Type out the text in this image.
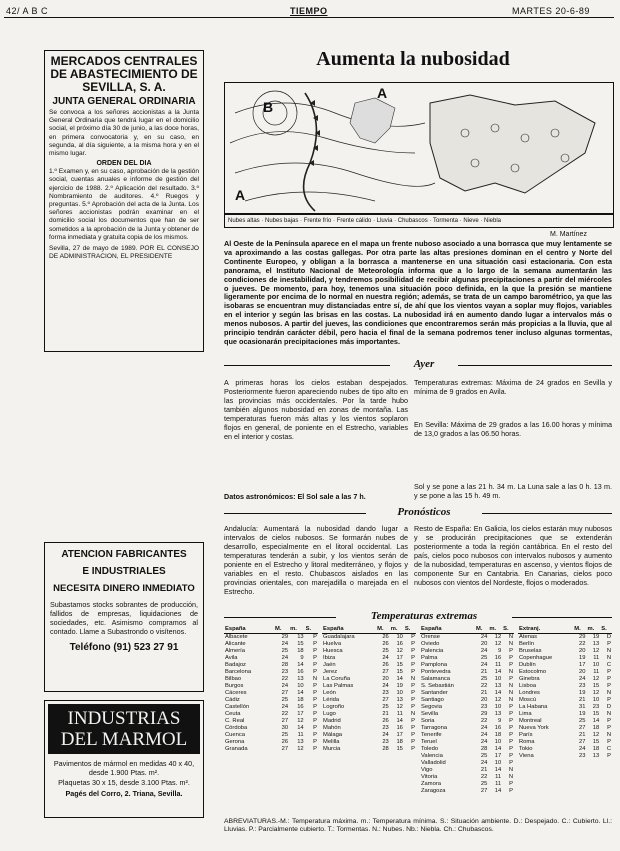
42/ A B C	TIEMPO	MARTES 20-6-89
MERCADOS CENTRALES DE ABASTECIMIENTO DE SEVILLA, S. A.
JUNTA GENERAL ORDINARIA
Se convoca a los señores accionistas a la Junta General Ordinaria que tendrá lugar en el domicilio social, el próximo día 30 de junio, a las doce horas, en primera convocatoria y, en su caso, en segunda, al día siguiente, a la misma hora y en el mismo lugar.
ORDEN DEL DIA
1.º Examen y, en su caso, aprobación de la gestión social, cuentas anuales e informe de gestión del ejercicio de 1988. 2.º Aplicación del resultado. 3.º Nombramiento de auditores. 4.º Ruegos y preguntas. 5.º Aprobación del acta de la Junta. Los señores accionistas podrán examinar en el domicilio social los documentos que han de ser sometidos a la aprobación de la Junta y obtener de forma inmediata y gratuita copia de los mismos.
Sevilla, 27 de mayo de 1989. POR EL CONSEJO DE ADMINISTRACION, EL PRESIDENTE
ATENCION FABRICANTES
E INDUSTRIALES
NECESITA DINERO INMEDIATO
Subastamos stocks sobrantes de producción, fallidos de empresas, liquidaciones de sociedades, etc. Asimismo compramos al contado. Llame a Subastrondo o visítenos.
Teléfono (91) 523 27 91
INDUSTRIAS
DEL MARMOL
Pavimentos de mármol en medidas 40 x 40, desde 1.900 Ptas. m².
Plaquetas 30 x 15, desde 3.100 Ptas. m².
Pagés del Corro, 2. Triana, Sevilla.
Aumenta la nubosidad
B
A
A
Nubes altas · Nubes bajas · Frente frío · Frente cálido · Lluvia · Chubascos · Tormenta · Nieve · Niebla
M. Martínez
Al Oeste de la Península aparece en el mapa un frente nuboso asociado a una borrasca que muy lentamente se va aproximando a las costas gallegas. Por otra parte las altas presiones dominan en el centro y Norte del Continente Europeo, y obligan a la borrasca a mantenerse en una situación casi estacionaria. Con esta panorama, el Instituto Nacional de Meteorología informa que a lo largo de la semana aumentarán las condiciones de inestabilidad, y tendremos posibilidad de recibir algunas precipitaciones a partir del miércoles o jueves. De momento, para hoy, tenemos una situación poco definida, en la que la presión se mantiene ligeramente por encima de lo normal en nuestra región; además, se trata de un campo barométrico, ya que las isobaras se encuentran muy distanciadas entre sí, de ahí que los vientos vayan a soplar muy flojos, variables en el interior y según las brisas en las costas. La nubosidad irá en aumento dando lugar a intervalos más o menos nubosos. A partir del jueves, las condiciones que encontraremos serán más propicias a la lluvia, que al principio tendrán carácter débil, pero hacia el final de la semana podremos tener incluso algunas tormentas, que ocasionarán precipitaciones más importantes.
Ayer
A primeras horas los cielos estaban despejados. Posteriormente fueron apareciendo nubes de tipo alto en las provincias más occidentales. Por la tarde hubo también algunos nubosidad en zonas de montaña. Las temperaturas fueron más altas y los vientos soplaron flojos en general, de poniente en el Estrecho, variables en el interior y costas.
Datos astronómicos: El Sol sale a las 7 h.
Temperaturas extremas: Máxima de 24 grados en Sevilla y mínima de 9 grados en Avila.
En Sevilla: Máxima de 29 grados a las 16.00 horas y mínima de 13,0 grados a las 06.50 horas.
Sol y se pone a las 21 h. 34 m. La Luna sale a las 0 h. 13 m. y se pone a las 15 h. 49 m.
Pronósticos
Andalucía: Aumentará la nubosidad dando lugar a intervalos de cielos nubosos. Se formarán nubes de desarrollo, especialmente en el litoral occidental. Las temperaturas tenderán a subir, y los vientos serán de poniente en el Estrecho y litoral mediterráneo, y flojos y variables en el resto. Chubascos aislados en las provincias orientales, con marejadilla o marejada en el Estrecho.
Resto de España: En Galicia, los cielos estarán muy nubosos y se producirán precipitaciones que se extenderán posteriormente a toda la región cantábrica. En el resto del país, cielos poco nubosos con intervalos nubosos y aumento de la nubosidad, temperaturas en ascenso, y vientos flojos de componente Sur en Cantabria. En Canarias, cielos poco nubosos con vientos del Nordeste, flojos o moderados.
Temperaturas extremas
España	M.	m.	S.
Albacete	29	13	P
Alicante	24	15	P
Almería	25	18	P
Avila	24	9	P
Badajoz	28	14	P
Barcelona	23	16	P
Bilbao	22	13	N
Burgos	24	10	P
Cáceres	27	14	P
Cádiz	25	18	P
Castellón	24	16	P
Ceuta	22	17	P
C. Real	27	12	P
Córdoba	30	14	P
Cuenca	25	11	P
Gerona	26	13	P
Granada	27	12	P
España	M.	m.	S.
Guadalajara	26	10	P
Huelva	26	16	P
Huesca	25	12	P
Ibiza	24	17	P
Jaén	26	15	P
Jerez	27	15	P
La Coruña	20	14	N
Las Palmas	24	19	P
León	23	10	P
Lérida	27	13	P
Logroño	25	12	P
Lugo	21	11	N
Madrid	26	14	P
Mahón	23	16	P
Málaga	24	17	P
Melilla	23	18	P
Murcia	28	15	P
España	M.	m.	S.
Orense	24	12	N
Oviedo	20	12	N
Palencia	24	9	P
Palma	25	16	P
Pamplona	24	11	P
Pontevedra	21	14	N
Salamanca	25	10	P
S. Sebastián	22	13	N
Santander	21	14	N
Santiago	20	12	N
Segovia	23	10	P
Sevilla	29	13	P
Soria	22	9	P
Tarragona	24	16	P
Tenerife	24	18	P
Teruel	24	10	P
Toledo	28	14	P
Valencia	25	17	P
Valladolid	24	10	P
Vigo	21	14	N
Vitoria	22	11	N
Zamora	25	11	P
Zaragoza	27	14	P
Extranj.	M.	m.	S.
Atenas	29	19	D
Berlín	22	13	P
Bruselas	20	12	N
Copenhague	19	11	N
Dublín	17	10	C
Estocolmo	20	11	P
Ginebra	24	12	P
Lisboa	23	15	P
Londres	19	12	N
Moscú	21	10	P
La Habana	31	23	D
Lima	19	15	N
Montreal	25	14	P
Nueva York	27	18	P
París	21	12	N
Roma	27	15	P
Tokio	24	18	C
Viena	23	13	P
ABREVIATURAS.-M.: Temperatura máxima. m.: Temperatura mínima. S.: Situación ambiente. D.: Despejado. C.: Cubierto. Ll.: Lluvias. P.: Parcialmente cubierto. T.: Tormentas. N.: Nubes. Nb.: Niebla. Ch.: Chubascos.
